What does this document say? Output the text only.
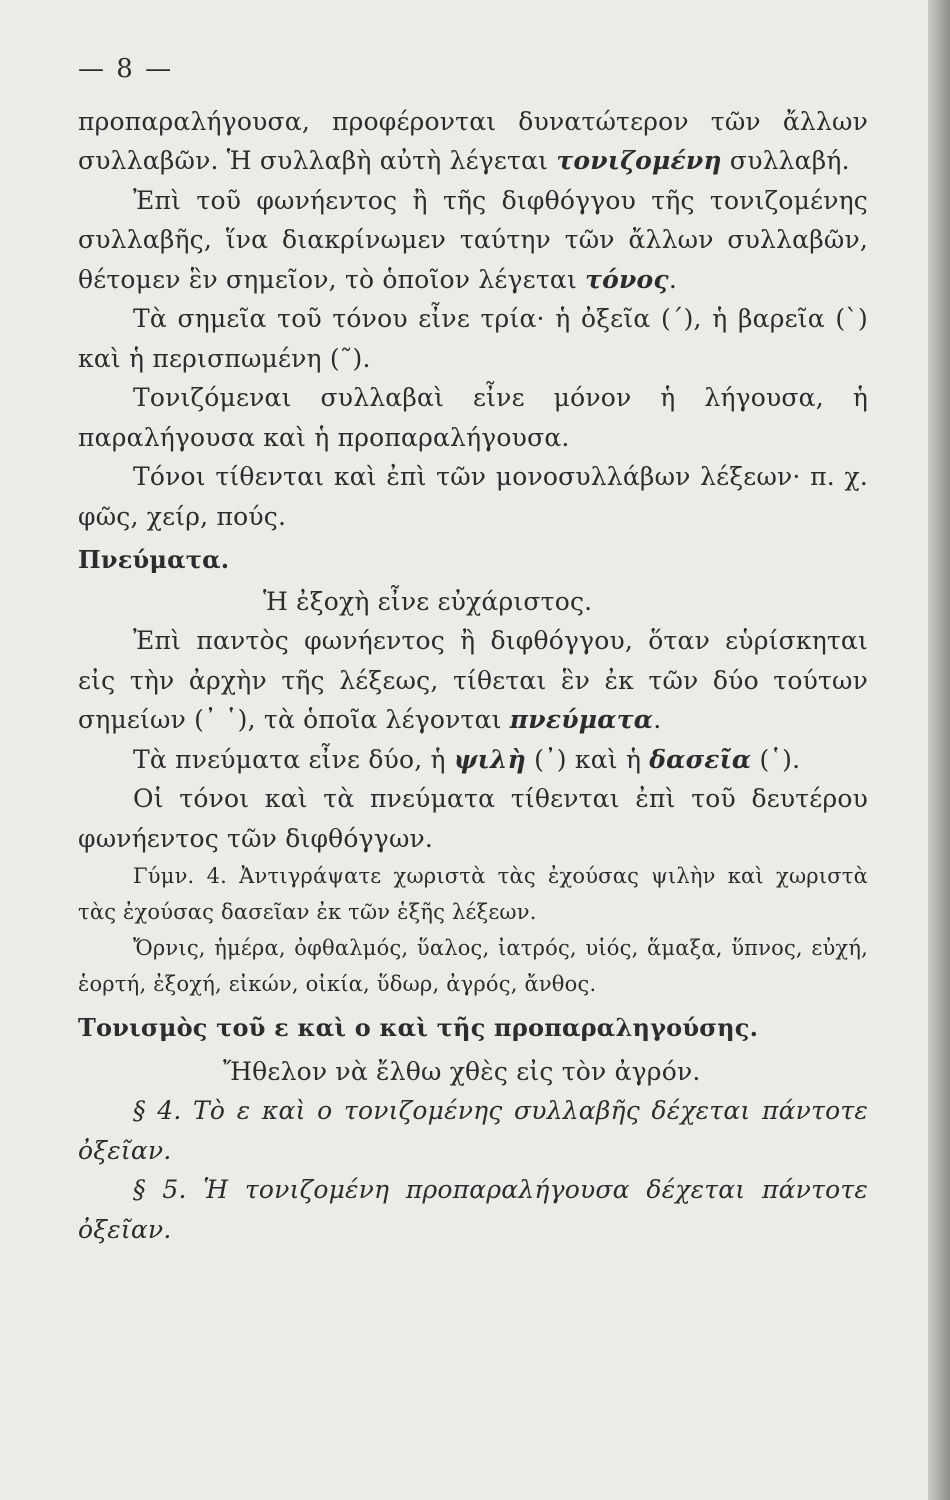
— 8 —

προπαραλήγουσα, προφέρονται δυνατώτερον τῶν ἄλλων συλλαβῶν. Ἡ συλλαβὴ αὐτὴ λέγεται τονιζομένη συλλαβή.

Ἐπὶ τοῦ φωνήεντος ἢ τῆς διφθόγγου τῆς τονιζομένης συλλαβῆς, ἵνα διακρίνωμεν ταύτην τῶν ἄλλων συλλαβῶν, θέτομεν ἓν σημεῖον, τὸ ὁποῖον λέγεται τόνος.

Τὰ σημεῖα τοῦ τόνου εἶνε τρία· ἡ ὀξεῖα (΄), ἡ βαρεῖα (`) καὶ ἡ περισπωμένη (῀).

Τονιζόμεναι συλλαβαὶ εἶνε μόνον ἡ λήγουσα, ἡ παραλήγουσα καὶ ἡ προπαραλήγουσα.

Τόνοι τίθενται καὶ ἐπὶ τῶν μονοσυλλάβων λέξεων· π. χ. φῶς, χείρ, πούς.

Πνεύματα.

Ἡ ἐξοχὴ εἶνε εὐχάριστος.

Ἐπὶ παντὸς φωνήεντος ἢ διφθόγγου, ὅταν εὑρίσκηται εἰς τὴν ἀρχὴν τῆς λέξεως, τίθεται ἓν ἐκ τῶν δύο τούτων σημείων (᾿ ῾), τὰ ὁποῖα λέγονται πνεύματα.

Τὰ πνεύματα εἶνε δύο, ἡ ψιλὴ (᾿) καὶ ἡ δασεῖα (῾).

Οἱ τόνοι καὶ τὰ πνεύματα τίθενται ἐπὶ τοῦ δευτέρου φωνήεντος τῶν διφθόγγων.

Γύμν. 4. Ἀντιγράψατε χωριστὰ τὰς ἐχούσας ψιλὴν καὶ χωριστὰ τὰς ἐχούσας δασεῖαν ἐκ τῶν ἑξῆς λέξεων.

Ὄρνις, ἡμέρα, ὀφθαλμός, ὕαλος, ἰατρός, υἱός, ἅμαξα, ὕπνος, εὐχή, ἑορτή, ἐξοχή, εἰκών, οἰκία, ὕδωρ, ἀγρός, ἄνθος.

Τονισμὸς τοῦ ε καὶ ο καὶ τῆς προπαραληγούσης.

Ἤθελον νὰ ἔλθω χθὲς εἰς τὸν ἀγρόν.

§ 4. Τὸ ε καὶ ο τονιζομένης συλλαβῆς δέχεται πάντοτε ὀξεῖαν.

§ 5. Ἡ τονιζομένη προπαραλήγουσα δέχεται πάντοτε ὀξεῖαν.
